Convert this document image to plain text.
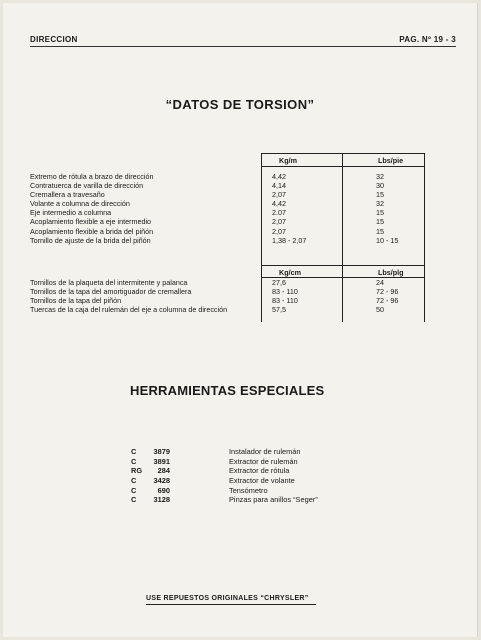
DIRECCION	PAG. Nº 19 - 3
“DATOS DE TORSION”
Kg/m	Lbs/pie
Extremo de rótula a brazo de dirección	4,42	32
Contratuerca de varilla de dirección	4,14	30
Cremallera a travesaño	2,07	15
Volante a columna de dirección	4,42	32
Eje intermedio a columna	2.07	15
Acoplamiento flexible a eje intermedio	2,07	15
Acoplamiento flexible a brida del piñón	2,07	15
Tornillo de ajuste de la brida del piñón	1,38 - 2,07	10 - 15
Kg/cm	Lbs/plg
Tornillos de la plaqueta del intermitente y palanca	27,6	24
Tornillos de la tapa del amortiguador de cremallera	83 - 110	72 - 96
Tornillos de la tapa del piñón	83 - 110	72 - 96
Tuercas de la caja del rulemán del eje a columna de dirección	57,5	50
HERRAMIENTAS ESPECIALES
C	3879	Instalador de rulemán
C	3891	Extractor de rulemán
RG	284	Extractor de rótula
C	3428	Extractor de volante
C	690	Tensómetro
C	3128	Pinzas para anillos “Seger”
USE REPUESTOS ORIGINALES “CHRYSLER”
